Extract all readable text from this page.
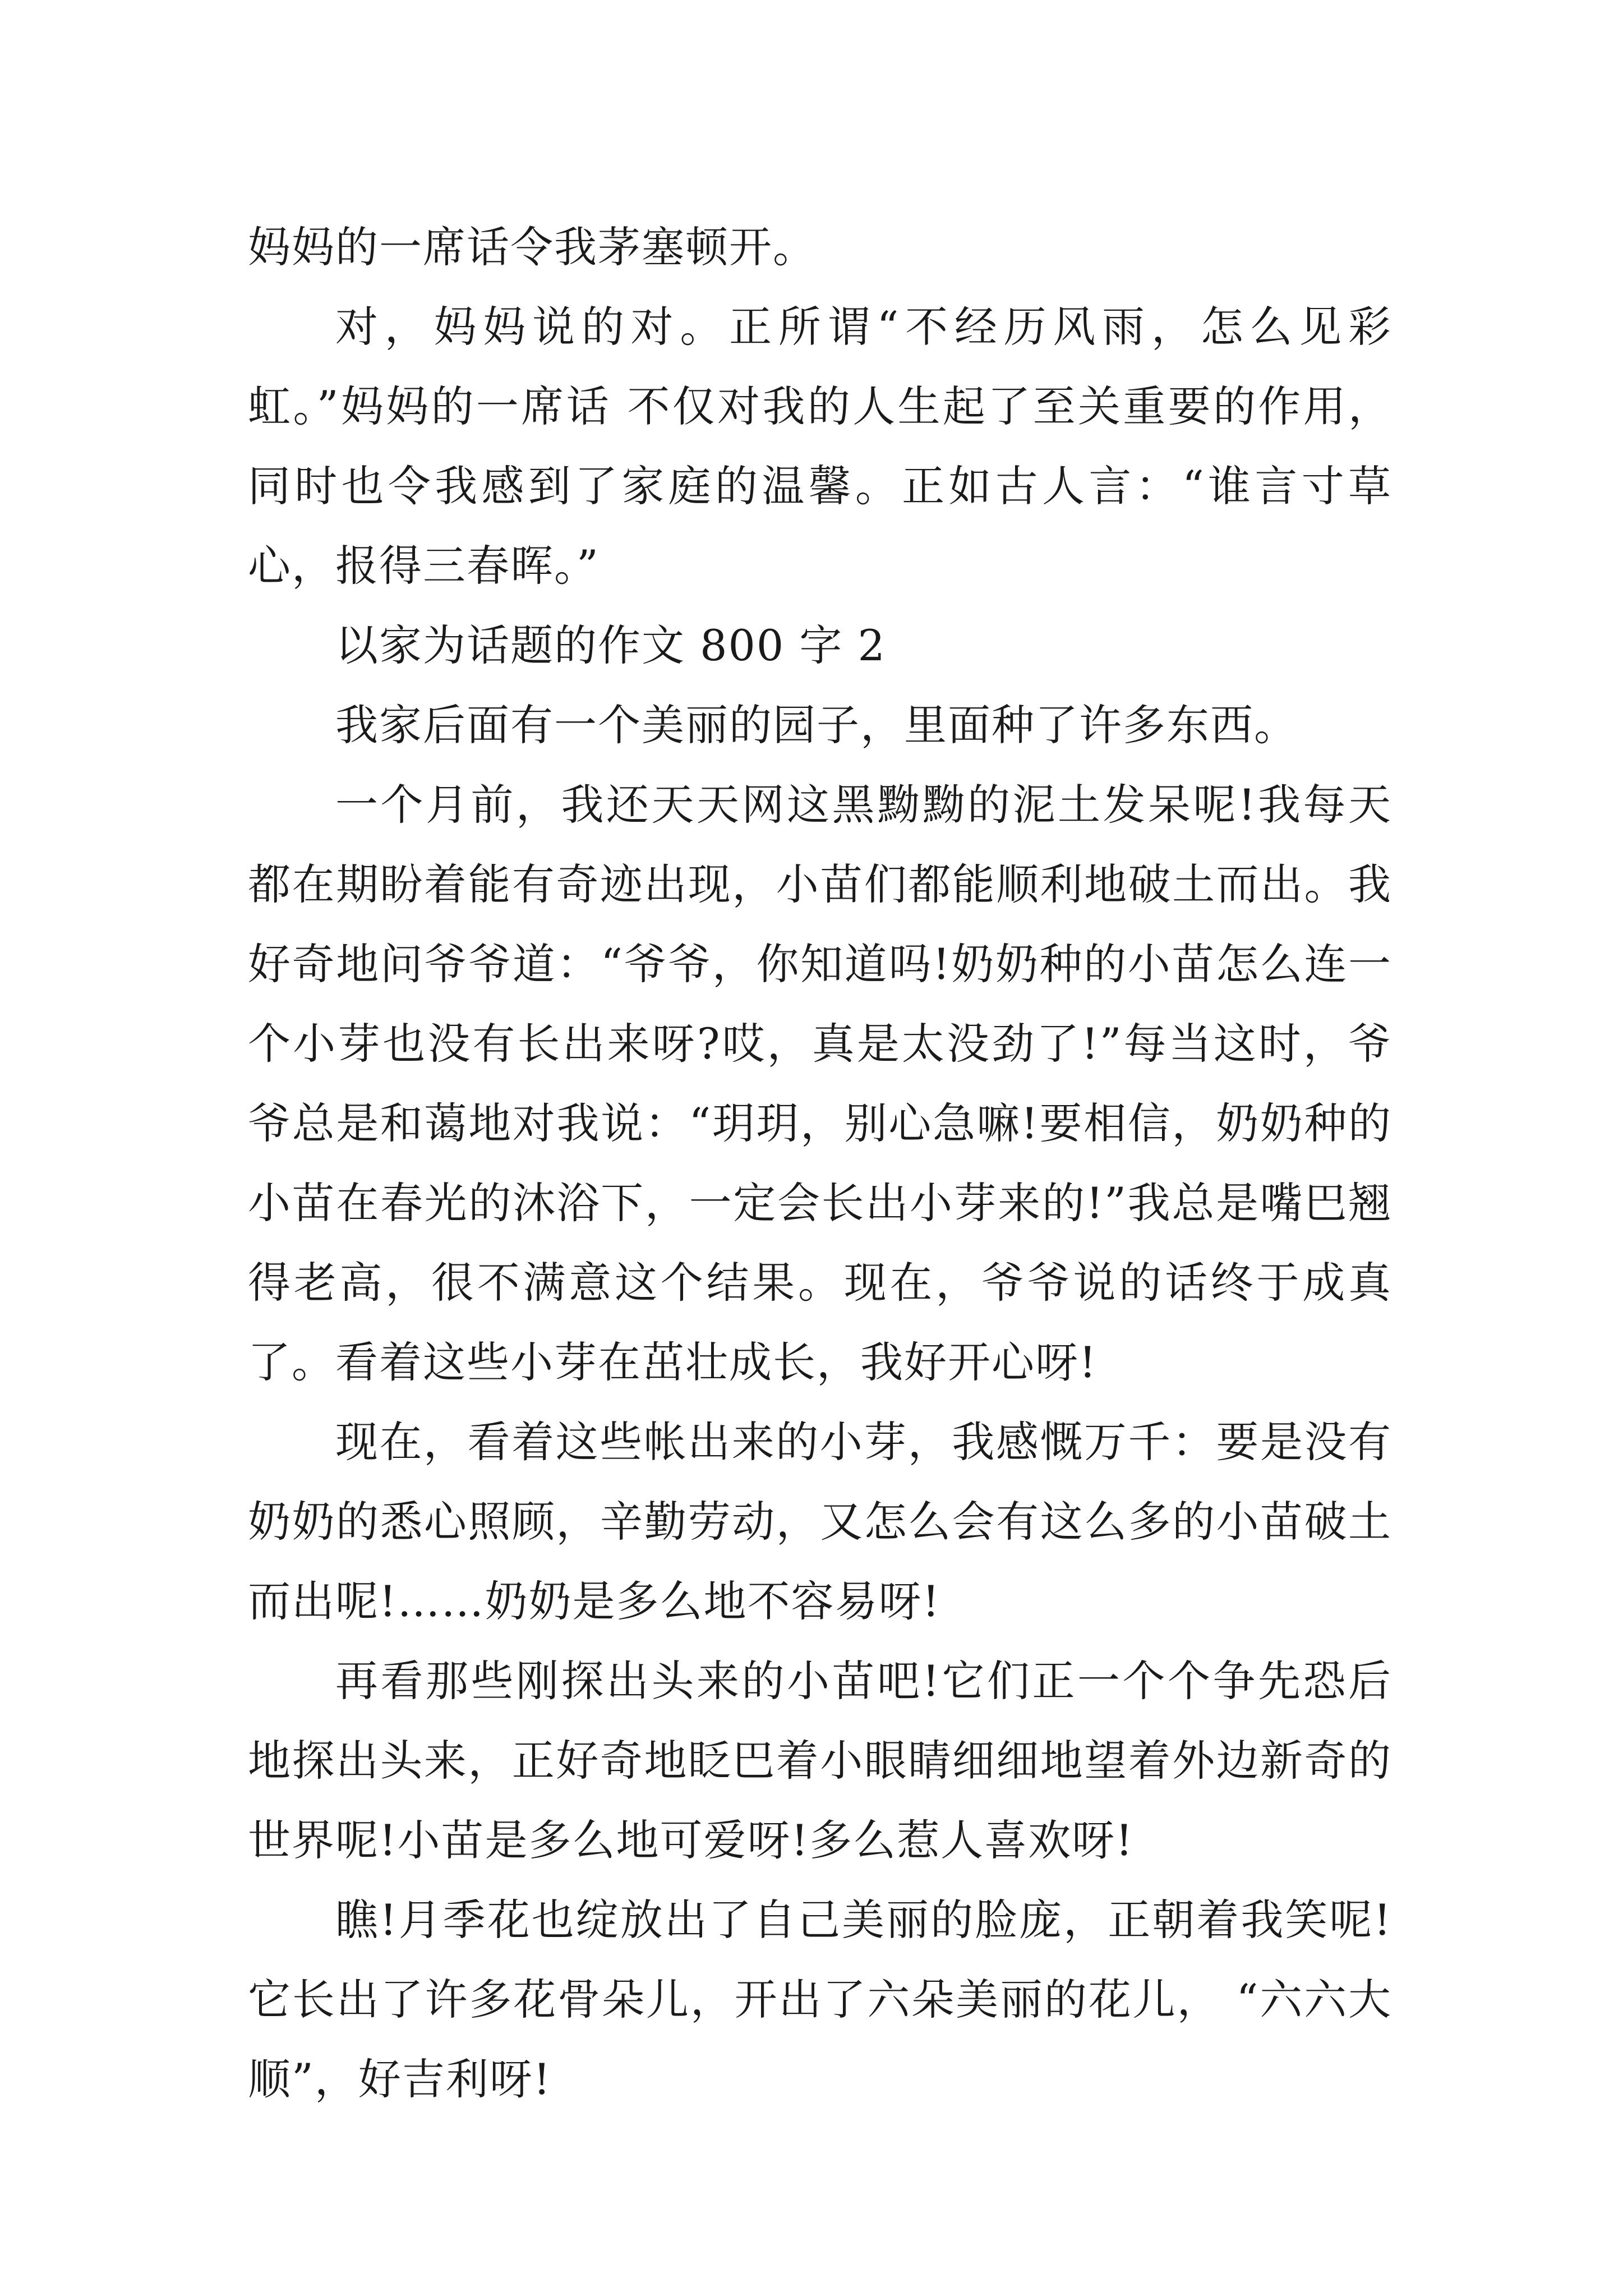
妈妈的一席话令我茅塞顿开。

对，妈妈说的对。正所谓“不经历风雨，怎么见彩虹。”妈妈的一席话 不仅对我的人生起了至关重要的作用，同时也令我感到了家庭的温馨。正如古人言：“谁言寸草心，报得三春晖。”

以家为话题的作文 800 字 2

我家后面有一个美丽的园子，里面种了许多东西。

一个月前，我还天天网这黑黝黝的泥土发呆呢!我每天都在期盼着能有奇迹出现，小苗们都能顺利地破土而出。我好奇地问爷爷道：“爷爷，你知道吗!奶奶种的小苗怎么连一个小芽也没有长出来呀?哎，真是太没劲了!”每当这时，爷爷总是和蔼地对我说：“玥玥，别心急嘛!要相信，奶奶种的小苗在春光的沐浴下，一定会长出小芽来的!”我总是嘴巴翘得老高，很不满意这个结果。现在，爷爷说的话终于成真了。看着这些小芽在茁壮成长，我好开心呀!

现在，看着这些帐出来的小芽，我感慨万千：要是没有奶奶的悉心照顾，辛勤劳动，又怎么会有这么多的小苗破土而出呢!……奶奶是多么地不容易呀!

再看那些刚探出头来的小苗吧!它们正一个个争先恐后地探出头来，正好奇地眨巴着小眼睛细细地望着外边新奇的世界呢!小苗是多么地可爱呀!多么惹人喜欢呀!

瞧!月季花也绽放出了自己美丽的脸庞，正朝着我笑呢!它长出了许多花骨朵儿，开出了六朵美丽的花儿， “六六大顺”，好吉利呀!
